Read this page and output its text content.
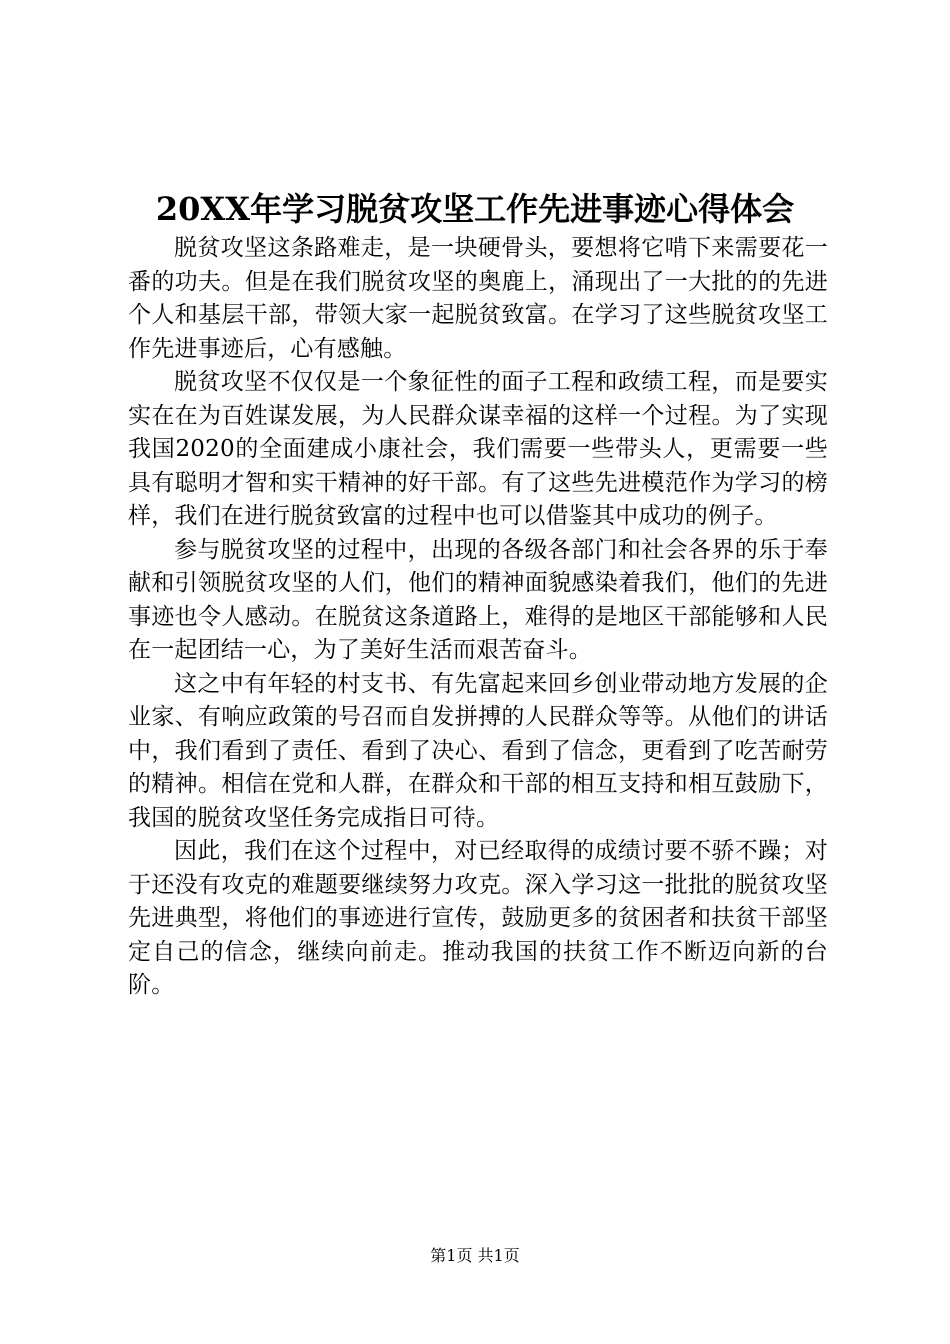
20XX年学习脱贫攻坚工作先进事迹心得体会

脱贫攻坚这条路难走，是一块硬骨头，要想将它啃下来需要花一番的功夫。但是在我们脱贫攻坚的奥鹿上，涌现出了一大批的的先进个人和基层干部，带领大家一起脱贫致富。在学习了这些脱贫攻坚工作先进事迹后，心有感触。

脱贫攻坚不仅仅是一个象征性的面子工程和政绩工程，而是要实实在在为百姓谋发展，为人民群众谋幸福的这样一个过程。为了实现我国2020的全面建成小康社会，我们需要一些带头人，更需要一些具有聪明才智和实干精神的好干部。有了这些先进模范作为学习的榜样，我们在进行脱贫致富的过程中也可以借鉴其中成功的例子。

参与脱贫攻坚的过程中，出现的各级各部门和社会各界的乐于奉献和引领脱贫攻坚的人们，他们的精神面貌感染着我们，他们的先进事迹也令人感动。在脱贫这条道路上，难得的是地区干部能够和人民在一起团结一心，为了美好生活而艰苦奋斗。

这之中有年轻的村支书、有先富起来回乡创业带动地方发展的企业家、有响应政策的号召而自发拼搏的人民群众等等。从他们的讲话中，我们看到了责任、看到了决心、看到了信念，更看到了吃苦耐劳的精神。相信在党和人群，在群众和干部的相互支持和相互鼓励下，我国的脱贫攻坚任务完成指日可待。

因此，我们在这个过程中，对已经取得的成绩讨要不骄不躁；对于还没有攻克的难题要继续努力攻克。深入学习这一批批的脱贫攻坚先进典型，将他们的事迹进行宣传，鼓励更多的贫困者和扶贫干部坚定自己的信念，继续向前走。推动我国的扶贫工作不断迈向新的台阶。

第1页 共1页
